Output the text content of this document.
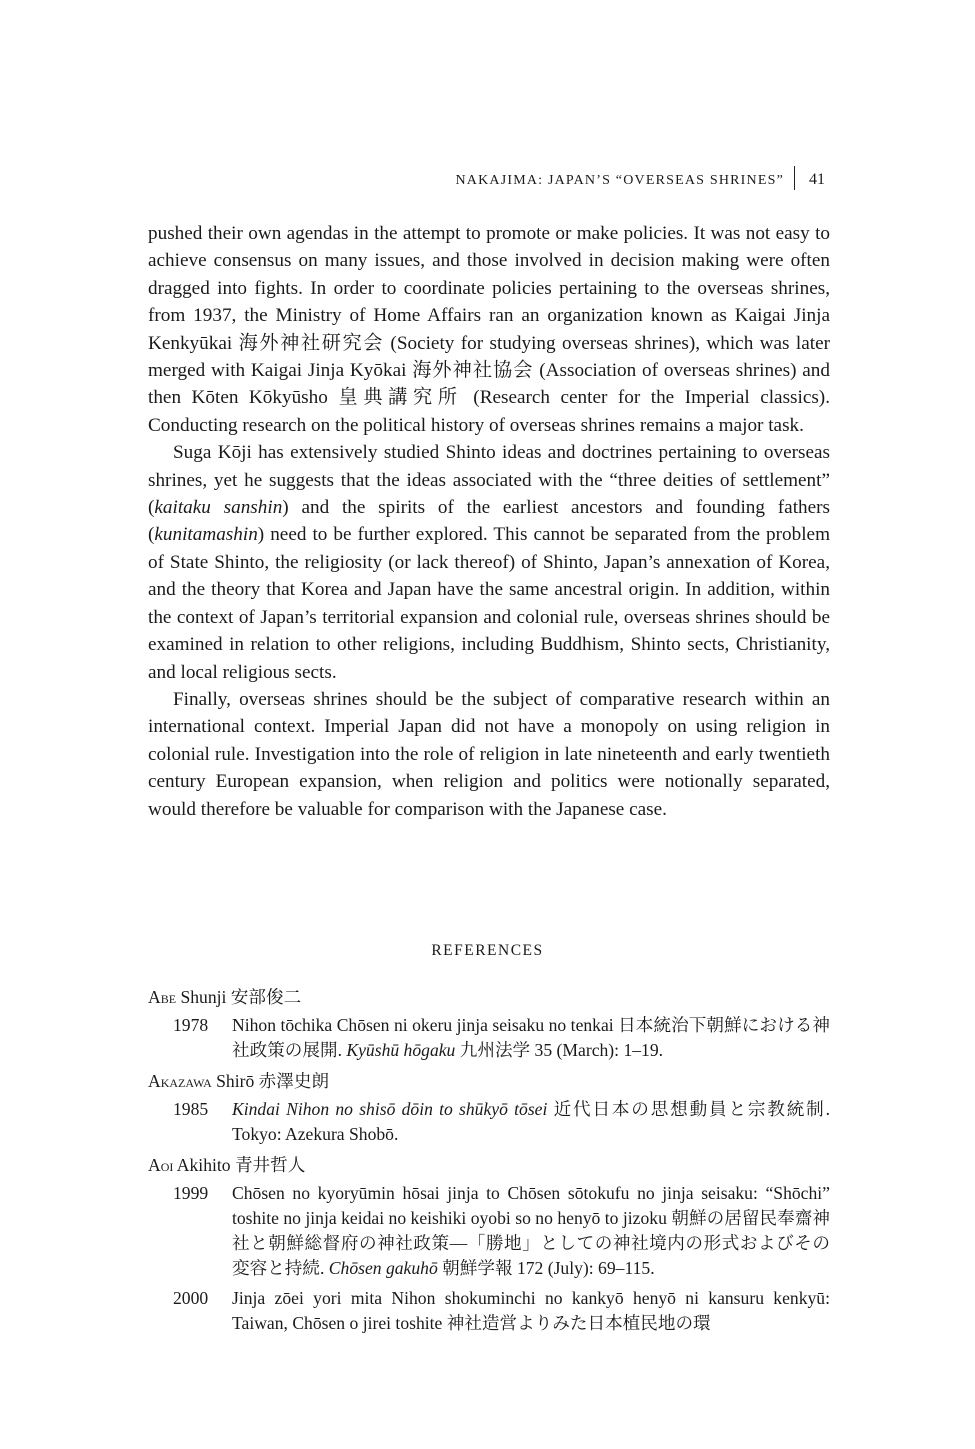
NAKAJIMA: JAPAN’S “OVERSEAS SHRINES” 41

pushed their own agendas in the attempt to promote or make policies. It was not easy to achieve consensus on many issues, and those involved in decision making were often dragged into fights. In order to coordinate policies pertaining to the overseas shrines, from 1937, the Ministry of Home Affairs ran an organization known as Kaigai Jinja Kenkyūkai 海外神社研究会 (Society for studying overseas shrines), which was later merged with Kaigai Jinja Kyōkai 海外神社協会 (Association of overseas shrines) and then Kōten Kōkyūsho 皇典講究所 (Research center for the Imperial classics). Conducting research on the political history of overseas shrines remains a major task.

Suga Kōji has extensively studied Shinto ideas and doctrines pertaining to overseas shrines, yet he suggests that the ideas associated with the “three deities of settlement” (kaitaku sanshin) and the spirits of the earliest ancestors and founding fathers (kunitamashin) need to be further explored. This cannot be separated from the problem of State Shinto, the religiosity (or lack thereof) of Shinto, Japan’s annexation of Korea, and the theory that Korea and Japan have the same ancestral origin. In addition, within the context of Japan’s territorial expansion and colonial rule, overseas shrines should be examined in relation to other religions, including Buddhism, Shinto sects, Christianity, and local religious sects.

Finally, overseas shrines should be the subject of comparative research within an international context. Imperial Japan did not have a monopoly on using religion in colonial rule. Investigation into the role of religion in late nineteenth and early twentieth century European expansion, when religion and politics were notionally separated, would therefore be valuable for comparison with the Japanese case.

REFERENCES
Abe Shunji 安部俊二
1978	Nihon tōchika Chōsen ni okeru jinja seisaku no tenkai 日本統治下朝鮮における神社政策の展開. Kyūshū hōgaku 九州法学 35 (March): 1–19.
Akazawa Shirō 赤澤史朗
1985	Kindai Nihon no shisō dōin to shūkyō tōsei 近代日本の思想動員と宗教統制. Tokyo: Azekura Shobō.
Aoi Akihito 青井哲人
1999	Chōsen no kyoryūmin hōsai jinja to Chōsen sōtokufu no jinja seisaku: “Shōchi” toshite no jinja keidai no keishiki oyobi so no henyō to jizoku 朝鮮の居留民奉齋神社と朝鮮総督府の神社政策—「勝地」としての神社境内の形式およびその変容と持続. Chōsen gakuhō 朝鮮学報 172 (July): 69–115.
2000	Jinja zōei yori mita Nihon shokuminchi no kankyō henyō ni kansuru kenkyū: Taiwan, Chōsen o jirei toshite 神社造営よりみた日本植民地の環
